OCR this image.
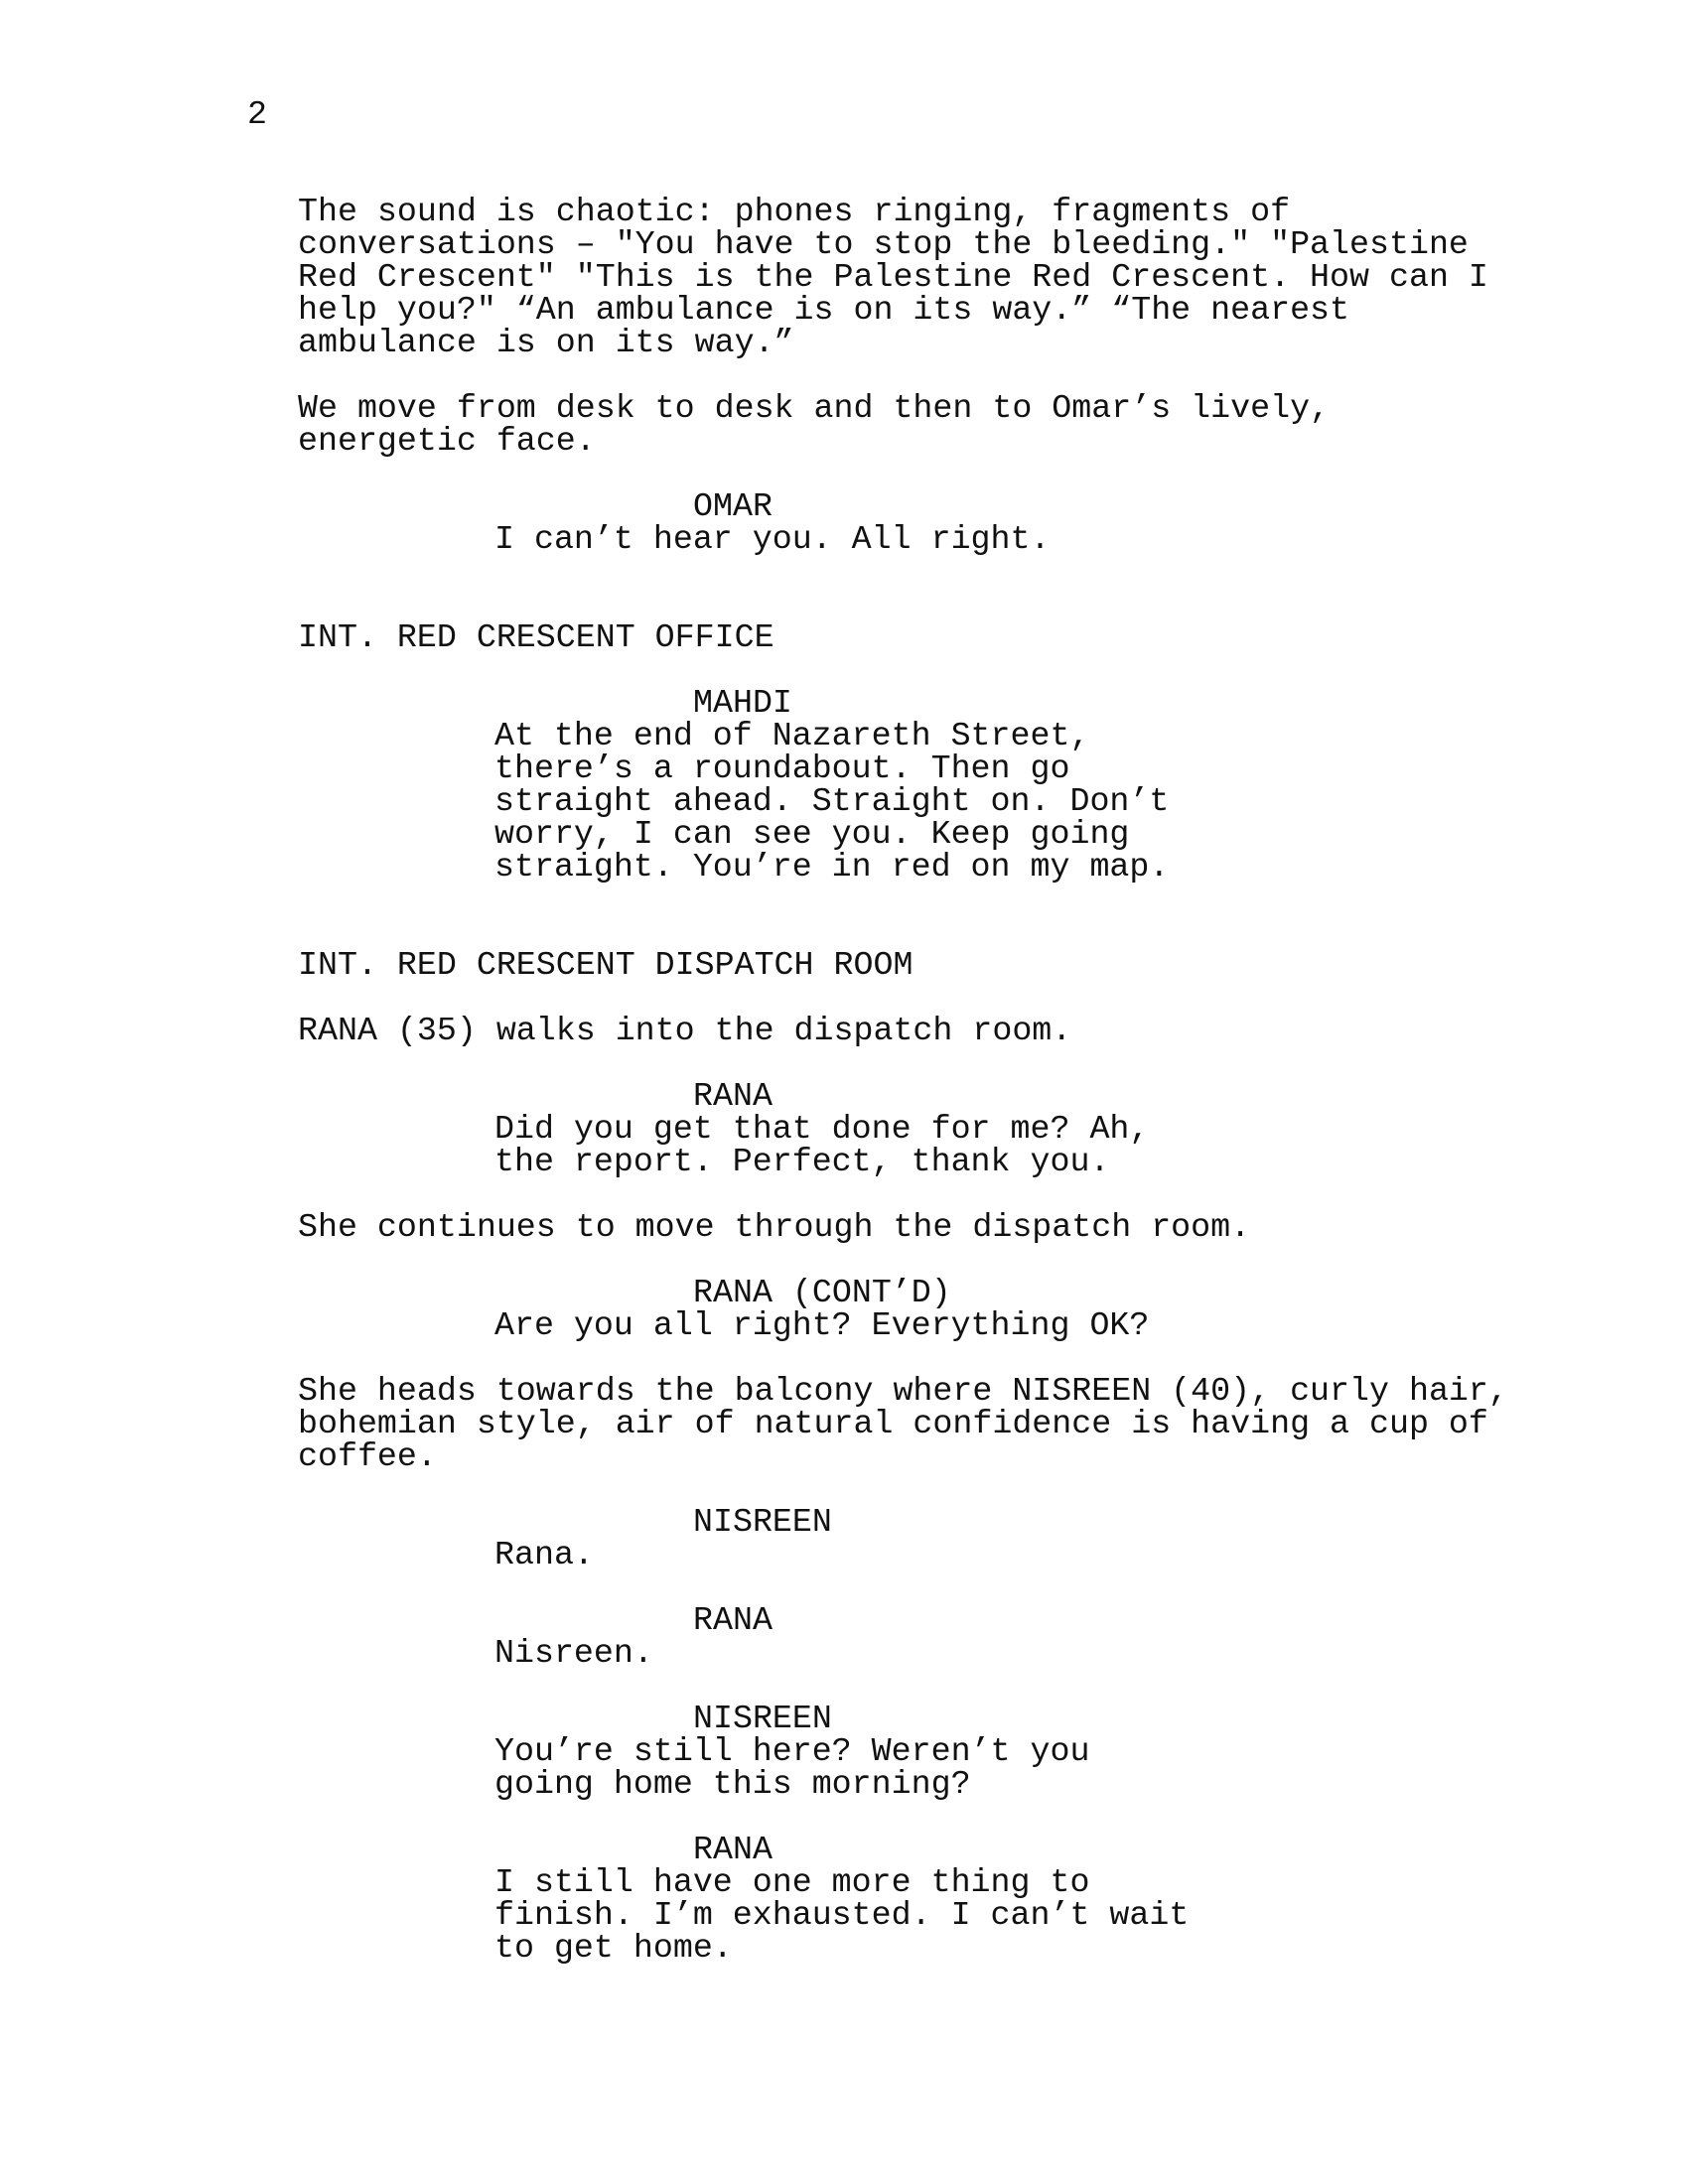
2
The sound is chaotic: phones ringing, fragments of
conversations – "You have to stop the bleeding." "Palestine
Red Crescent" "This is the Palestine Red Crescent. How can I
help you?" “An ambulance is on its way.” “The nearest
ambulance is on its way.”
We move from desk to desk and then to Omar’s lively,
energetic face.
OMAR
I can’t hear you. All right.
INT. RED CRESCENT OFFICE
MAHDI
At the end of Nazareth Street,
there’s a roundabout. Then go
straight ahead. Straight on. Don’t
worry, I can see you. Keep going
straight. You’re in red on my map.
INT. RED CRESCENT DISPATCH ROOM
RANA (35) walks into the dispatch room.
RANA
Did you get that done for me? Ah,
the report. Perfect, thank you.
She continues to move through the dispatch room.
RANA (CONT’D)
Are you all right? Everything OK?
She heads towards the balcony where NISREEN (40), curly hair,
bohemian style, air of natural confidence is having a cup of
coffee.
NISREEN
Rana.
RANA
Nisreen.
NISREEN
You’re still here? Weren’t you
going home this morning?
RANA
I still have one more thing to
finish. I’m exhausted. I can’t wait
to get home.
